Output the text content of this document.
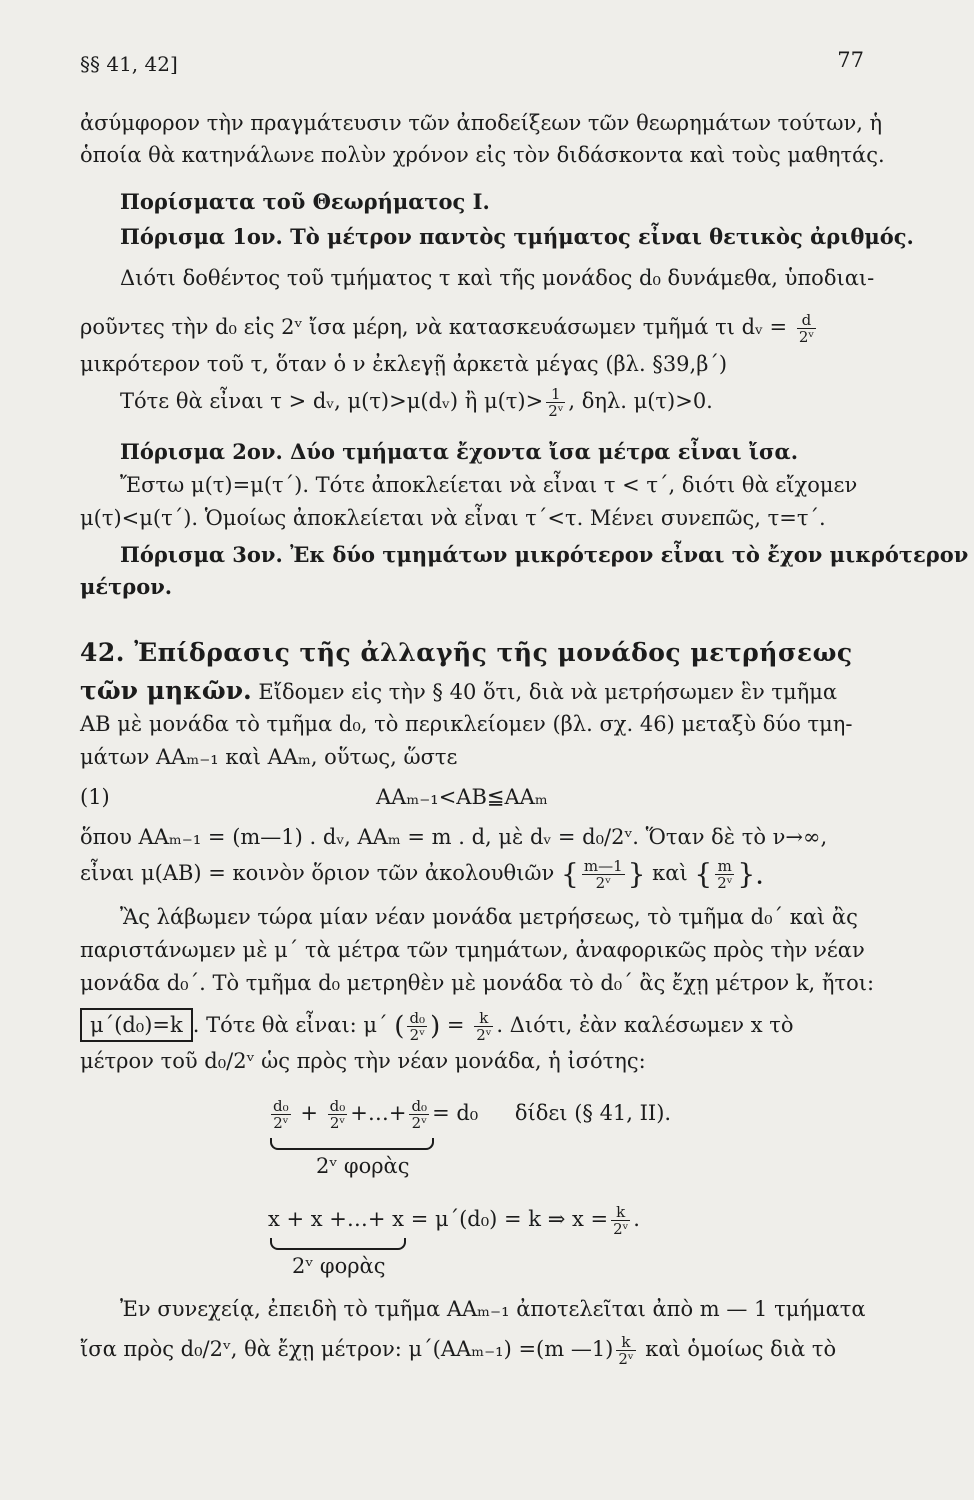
§§ 41, 42]	77
ἀσύμφορον τὴν πραγμάτευσιν τῶν ἀποδείξεων τῶν θεωρημάτων τούτων, ἡ
ὁποία θὰ κατηνάλωνε πολὺν χρόνον εἰς τὸν διδάσκοντα καὶ τοὺς μαθητάς.
Πορίσματα τοῦ Θεωρήματος Ι.
Πόρισμα 1ον. Τὸ μέτρον παντὸς τμήματος εἶναι θετικὸς ἀριθμός.
Διότι δοθέντος τοῦ τμήματος τ καὶ τῆς μονάδος d₀ δυνάμεθα, ὑποδιαι-
ροῦντες τὴν d₀ εἰς 2ᵛ ἴσα μέρη, νὰ κατασκευάσωμεν τμῆμά τι dᵥ = $\frac{d}{\text{2ᵛ}}$
μικρότερον τοῦ τ, ὅταν ὁ ν ἐκλεγῇ ἀρκετὰ μέγας (βλ. §39,β΄)
Τότε θὰ εἶναι τ > dᵥ, μ(τ)>μ(dᵥ) ἢ $\mu(\tau)> \frac{1}{\text{2ᵛ}}$ , δηλ. μ(τ)>0.
Πόρισμα 2ον. Δύο τμήματα ἔχοντα ἴσα μέτρα εἶναι ἴσα.
Ἔστω μ(τ)=μ(τ΄). Τότε ἀποκλείεται νὰ εἶναι τ < τ΄, διότι θὰ εἴχομεν
μ(τ)<μ(τ΄). Ὁμοίως ἀποκλείεται νὰ εἶναι τ΄<τ. Μένει συνεπῶς, τ=τ΄.
Πόρισμα 3ον. Ἐκ δύο τμημάτων μικρότερον εἶναι τὸ ἔχον μικρότερον
μέτρον.
42. Ἐπίδρασις τῆς ἀλλαγῆς τῆς μονάδος μετρήσεως
τῶν μηκῶν. Εἴδομεν εἰς τὴν § 40 ὅτι, διὰ νὰ μετρήσωμεν ἓν τμῆμα
ΑΒ μὲ μονάδα τὸ τμῆμα d₀, τὸ περικλείομεν (βλ. σχ. 46) μεταξὺ δύο τμη-
μάτων ΑΑₘ₋₁ καὶ ΑΑₘ, οὕτως, ὥστε
(1)	ΑΑₘ₋₁<ΑΒ≦ΑΑₘ
ὅπου ΑΑₘ₋₁ = (m—1) . dᵥ, ΑΑₘ = m . d, μὲ dᵥ = d₀/2ᵛ. Ὅταν δὲ τὸ ν→∞,
εἶναι μ(ΑΒ) = κοινὸν ὅριον τῶν ἀκολουθιῶν { $\frac{m—1}{\text{2ᵛ}}$ } καὶ { $\frac{m}{\text{2ᵛ}}$ }.
Ἂς λάβωμεν τώρα μίαν νέαν μονάδα μετρήσεως, τὸ τμῆμα d₀΄ καὶ ἂς
παριστάνωμεν μὲ μ΄ τὰ μέτρα τῶν τμημάτων, ἀναφορικῶς πρὸς τὴν νέαν
μονάδα d₀΄. Τὸ τμῆμα d₀ μετρηθὲν μὲ μονάδα τὸ d₀΄ ἂς ἔχῃ μέτρον k, ἤτοι:
μ΄(d₀)=k . Τότε θὰ εἶναι: μ΄ ( $\frac{\text{d₀}}{\text{2ᵛ}}$ ) = $\frac{k}{\text{2ᵛ}}$ . Διότι, ἐὰν καλέσωμεν x τὸ
μέτρον τοῦ d₀/2ᵛ ὡς πρὸς τὴν νέαν μονάδα, ἡ ἰσότης:
$\frac{\text{d₀}}{\text{2ᵛ}} + \frac{\text{d₀}}{\text{2ᵛ}}$ +…+ $\frac{\text{d₀}}{\text{2ᵛ}} = d_0$ δίδει (§ 41, ΙΙ).
2ᵛ φορὰς
x + x +…+ x = μ΄(d₀) = k ⇒ $x = \frac{k}{\text{2ᵛ}}$ .
2ᵛ φορὰς
Ἐν συνεχείᾳ, ἐπειδὴ τὸ τμῆμα ΑΑₘ₋₁ ἀποτελεῖται ἀπὸ m — 1 τμήματα
ἴσα πρὸς d₀/2ᵛ, θὰ ἔχῃ μέτρον: μ΄(ΑΑₘ₋₁) =(m —1) $\frac{k}{\text{2ᵛ}}$ καὶ ὁμοίως διὰ τὸ
